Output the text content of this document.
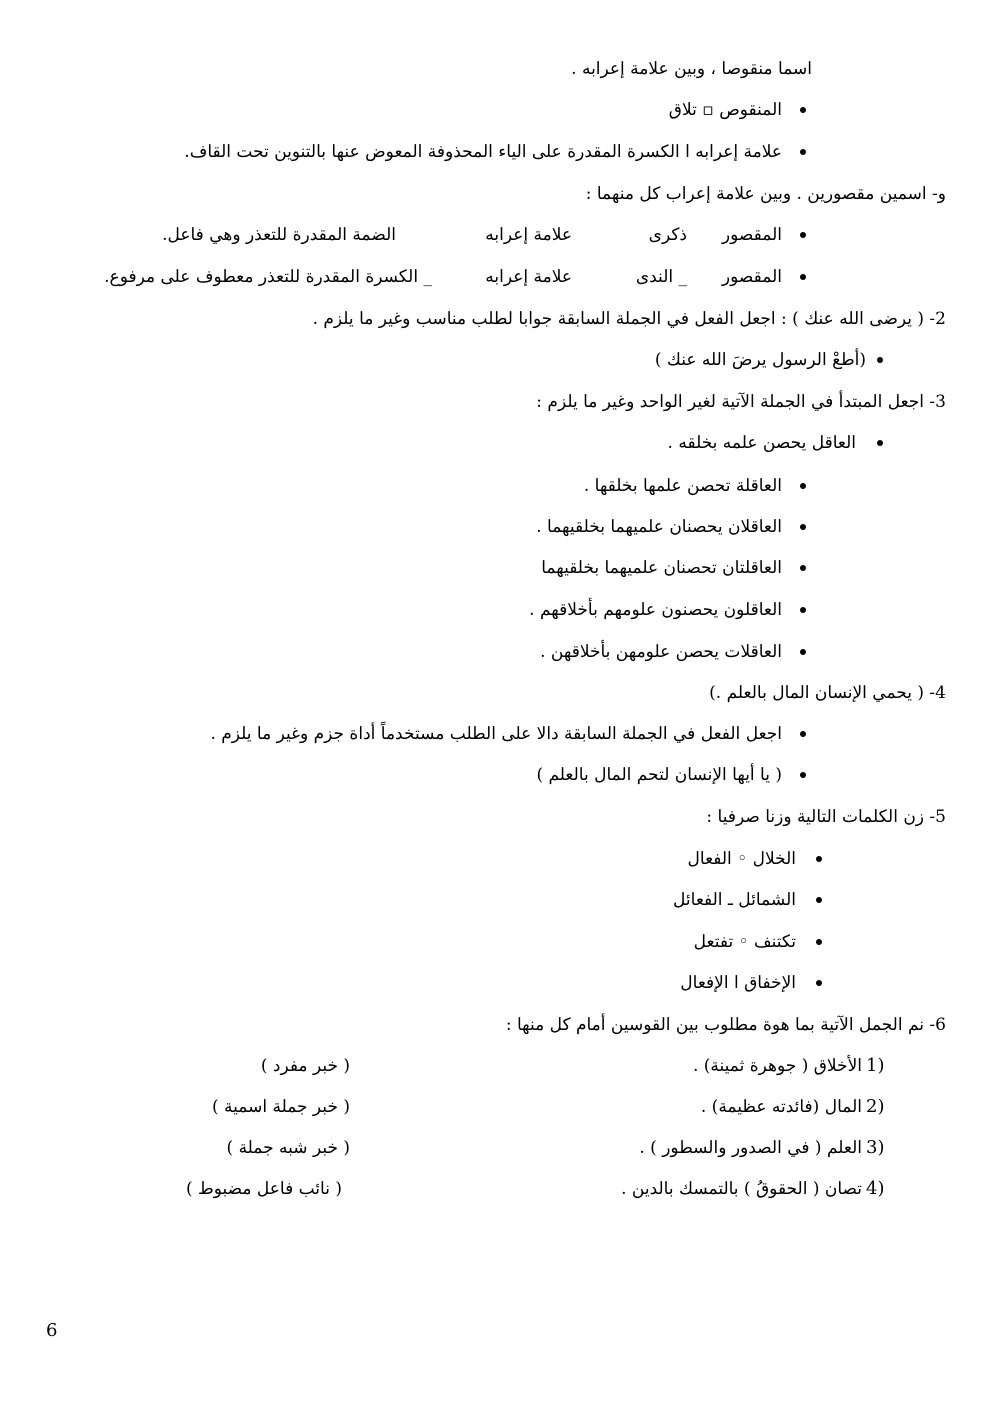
اسما منقوصا ، وبين علامة إعرابه .
المنقوص ▫ تلاق
علامة إعرابه ا الكسرة المقدرة على الياء المحذوفة المعوض عنها بالتنوين تحت القاف.
و- اسمين مقصورين . وبين علامة إعراب كل منهما :
المقصور
ذكرى
علامة إعرابه
الضمة المقدرة للتعذر وهي فاعل.
المقصور
_ الندى
علامة إعرابه
_ الكسرة المقدرة للتعذر معطوف على مرفوع.
2- ( يرضى الله عنك ) : اجعل الفعل في الجملة السابقة جوابا لطلب مناسب وغير ما يلزم .
(أطعْ الرسول يرضَ الله عنك )
3- اجعل المبتدأ في الجملة الآتية لغير الواحد وغير ما يلزم :
العاقل يحصن علمه بخلقه .
العاقلة تحصن علمها بخلقها .
العاقلان يحصنان علميهما بخلقيهما .
العاقلتان تحصنان علميهما بخلقيهما
العاقلون يحصنون علومهم بأخلاقهم .
العاقلات يحصن علومهن بأخلاقهن .
4- ( يحمي الإنسان المال بالعلم .)
اجعل الفعل في الجملة السابقة دالا على الطلب مستخدماً أداة جزم وغير ما يلزم .
( يا أيها الإنسان لتحم المال بالعلم )
5- زن الكلمات التالية وزنا صرفيا :
الخلال ◦ الفعال
الشمائل ـ الفعائل
تكتنف ◦ تفتعل
الإخفاق ا الإفعال
6- نم الجمل الآتية بما هوة مطلوب بين القوسين أمام كل منها :
1)
الأخلاق ( جوهرة ثمينة) .
( خبر مفرد )
2)
المال (فائدته عظيمة) .
( خبر جملة اسمية )
3)
العلم ( في الصدور والسطور ) .
( خبر شبه جملة )
4)
تصان ( الحقوقُ ) بالتمسك بالدين .
( نائب فاعل مضبوط )
6
